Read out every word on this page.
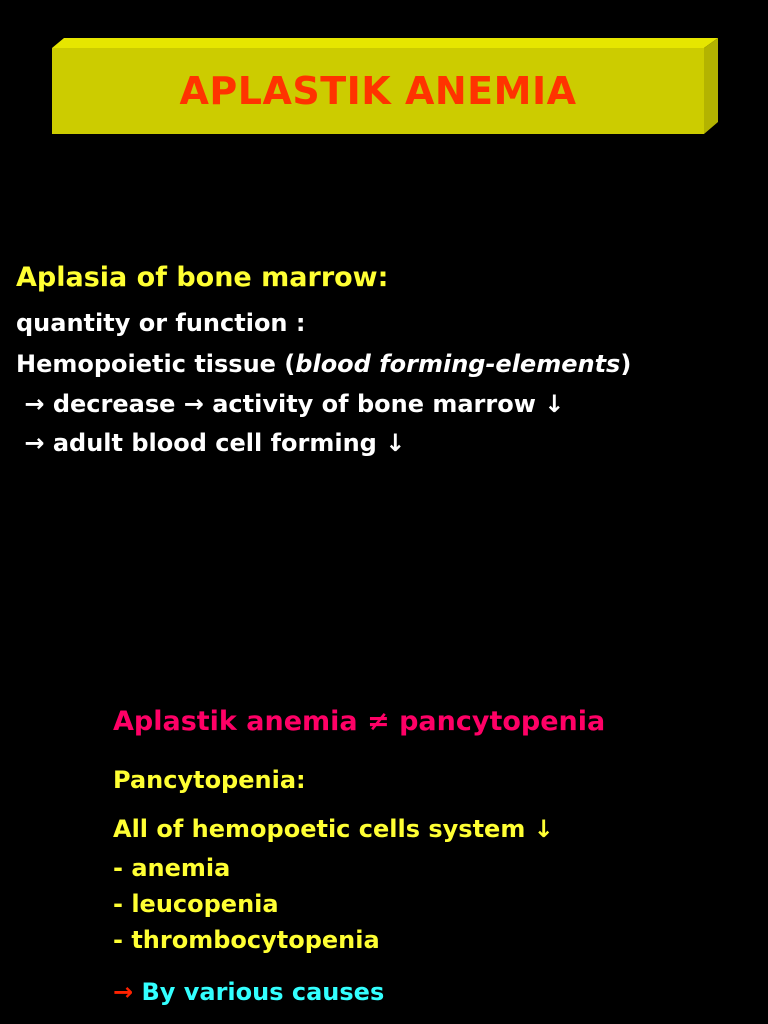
APLASTIK ANEMIA
Aplasia of bone marrow:
quantity or function :
Hemopoietic tissue (blood forming-elements)
→ decrease → activity of bone marrow ↓
→ adult blood cell forming ↓
Aplastik anemia ≠ pancytopenia
Pancytopenia:
All of hemopoetic cells system ↓
- anemia
- leucopenia
- thrombocytopenia
→ By various causes
